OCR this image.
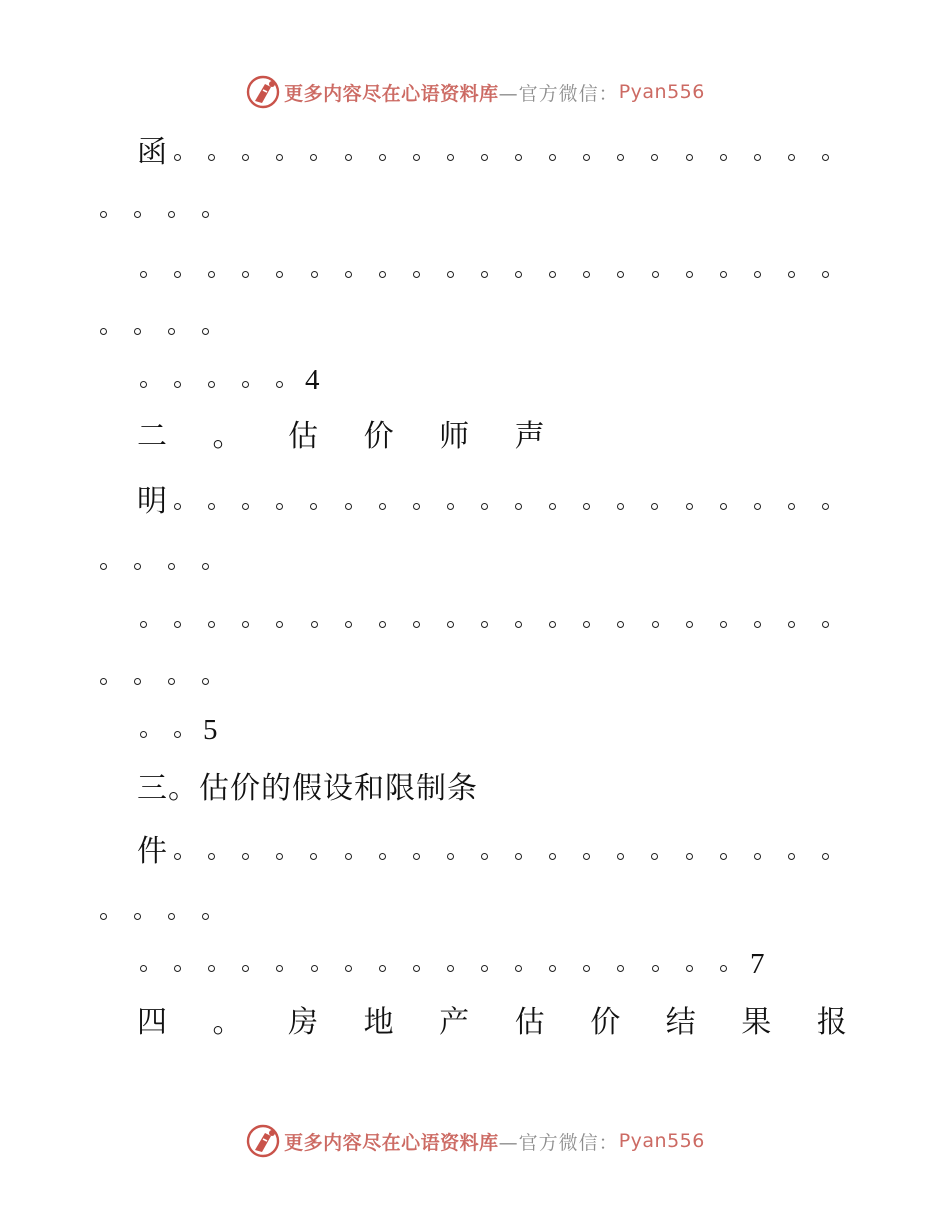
更多内容尽在心语资料库 —官方微信： Pyan556
函
4
二 。 估 价 师 声
明
5
三。估价的假设和限制条
件
7
四 。 房 地 产 估 价 结 果 报
更多内容尽在心语资料库 —官方微信： Pyan556
